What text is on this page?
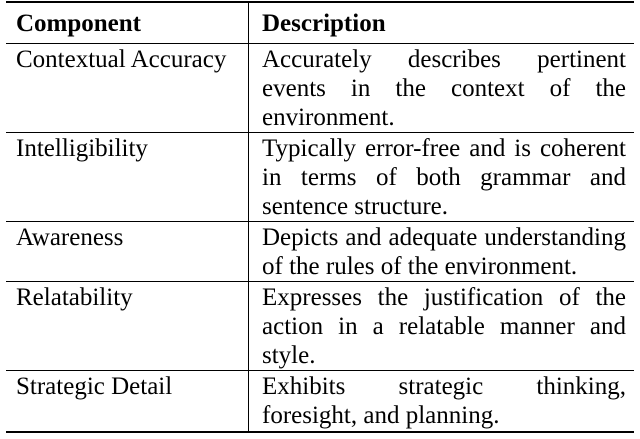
Component	Description
Contextual Accuracy	Accurately describes pertinent events in the context of the environment.
Intelligibility	Typically error-free and is coherent in terms of both grammar and sentence structure.
Awareness	Depicts and adequate understanding of the rules of the environment.
Relatability	Expresses the justification of the action in a relatable manner and style.
Strategic Detail	Exhibits strategic thinking, foresight, and planning.
